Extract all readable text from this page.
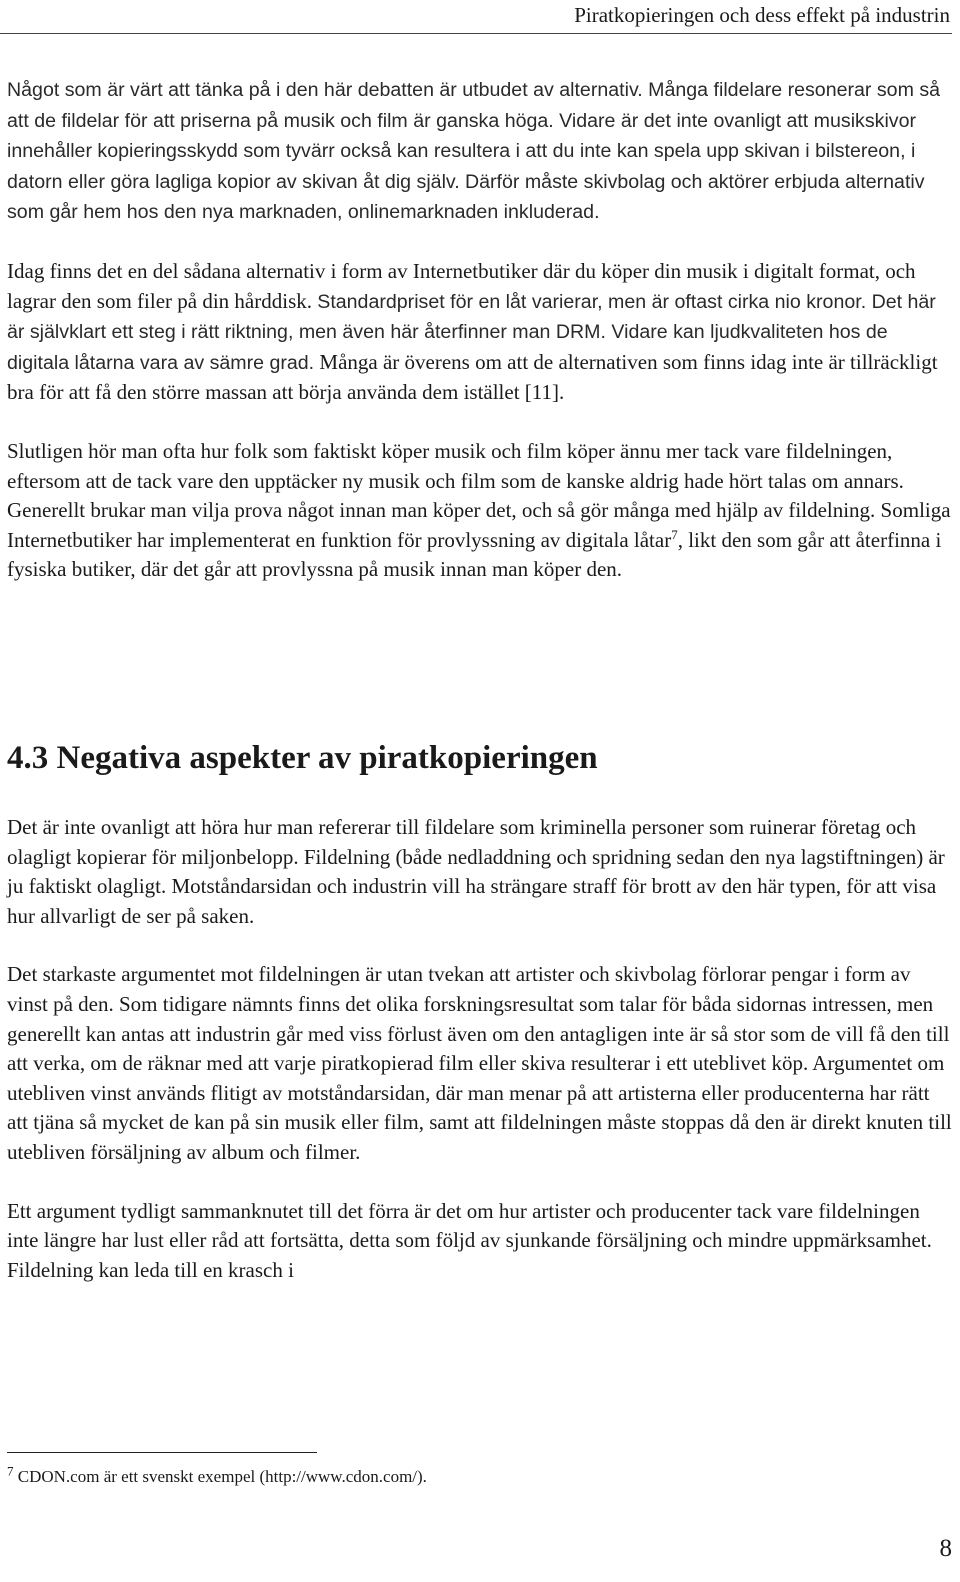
Piratkopieringen och dess effekt på industrin

Något som är värt att tänka på i den här debatten är utbudet av alternativ. Många fildelare resonerar som så att de fildelar för att priserna på musik och film är ganska höga. Vidare är det inte ovanligt att musikskivor innehåller kopieringsskydd som tyvärr också kan resultera i att du inte kan spela upp skivan i bilstereon, i datorn eller göra lagliga kopior av skivan åt dig själv. Därför måste skivbolag och aktörer erbjuda alternativ som går hem hos den nya marknaden, onlinemarknaden inkluderad.

Idag finns det en del sådana alternativ i form av Internetbutiker där du köper din musik i digitalt format, och lagrar den som filer på din hårddisk. Standardpriset för en låt varierar, men är oftast cirka nio kronor. Det här är självklart ett steg i rätt riktning, men även här återfinner man DRM. Vidare kan ljudkvaliteten hos de digitala låtarna vara av sämre grad. Många är överens om att de alternativen som finns idag inte är tillräckligt bra för att få den större massan att börja använda dem istället [11].

Slutligen hör man ofta hur folk som faktiskt köper musik och film köper ännu mer tack vare fildelningen, eftersom att de tack vare den upptäcker ny musik och film som de kanske aldrig hade hört talas om annars. Generellt brukar man vilja prova något innan man köper det, och så gör många med hjälp av fildelning. Somliga Internetbutiker har implementerat en funktion för provlyssning av digitala låtar$^7$, likt den som går att återfinna i fysiska butiker, där det går att provlyssna på musik innan man köper den.

4.3 Negativa aspekter av piratkopieringen

Det är inte ovanligt att höra hur man refererar till fildelare som kriminella personer som ruinerar företag och olagligt kopierar för miljonbelopp. Fildelning (både nedladdning och spridning sedan den nya lagstiftningen) är ju faktiskt olagligt. Motståndarsidan och industrin vill ha strängare straff för brott av den här typen, för att visa hur allvarligt de ser på saken.

Det starkaste argumentet mot fildelningen är utan tvekan att artister och skivbolag förlorar pengar i form av vinst på den. Som tidigare nämnts finns det olika forskningsresultat som talar för båda sidornas intressen, men generellt kan antas att industrin går med viss förlust även om den antagligen inte är så stor som de vill få den till att verka, om de räknar med att varje piratkopierad film eller skiva resulterar i ett uteblivet köp. Argumentet om utebliven vinst används flitigt av motståndarsidan, där man menar på att artisterna eller producenterna har rätt att tjäna så mycket de kan på sin musik eller film, samt att fildelningen måste stoppas då den är direkt knuten till utebliven försäljning av album och filmer.

Ett argument tydligt sammanknutet till det förra är det om hur artister och producenter tack vare fildelningen inte längre har lust eller råd att fortsätta, detta som följd av sjunkande försäljning och mindre uppmärksamhet. Fildelning kan leda till en krasch i

$^7$ CDON.com är ett svenskt exempel (http://www.cdon.com/).
8
